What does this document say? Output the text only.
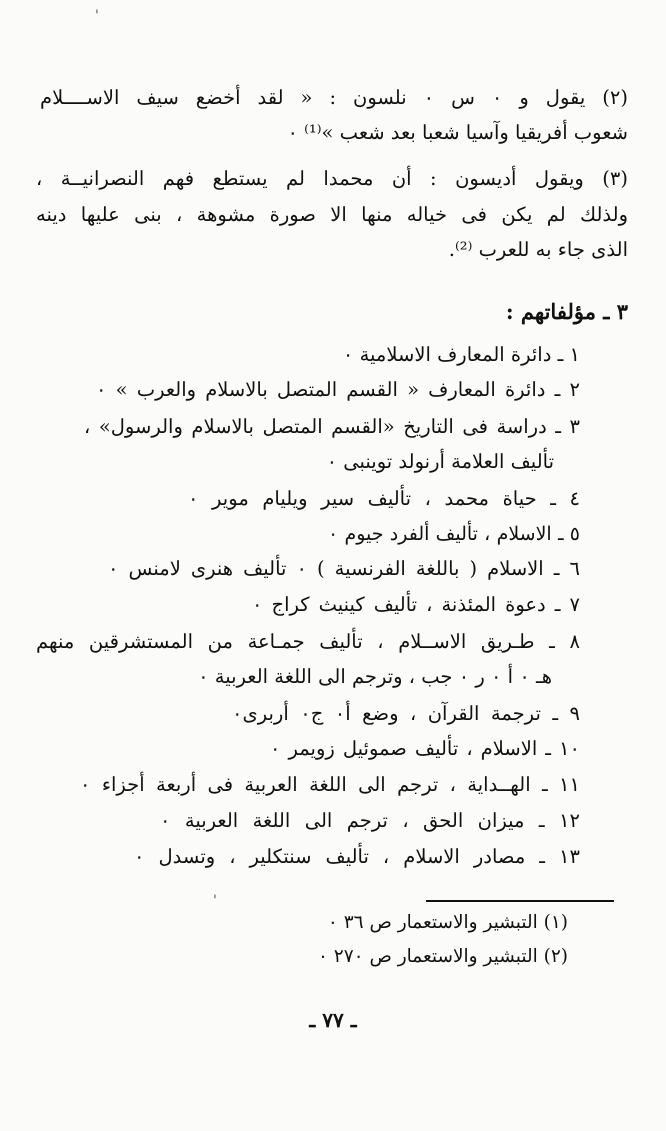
(٢) يقول و ٠ س ٠ نلسون : « لقد أخضع سيف الاســــلام
شعوب أفريقيا وآسيا شعبا بعد شعب »⁽¹⁾ ٠
(٣) ويقول أديسون : أن محمدا لم يستطع فهم النصرانيــة ،
ولذلك لم يكن فى خياله منها الا صورة مشوهة ، بنى عليها دينه
الذى جاء به للعرب ⁽²⁾.
٣ ـ مؤلفاتهم :
١ ـ دائرة المعارف الاسلامية ٠
٢ ـ دائرة المعارف « القسم المتصل بالاسلام والعرب » ٠
٣ ـ دراسة فى التاريخ «القسم المتصل بالاسلام والرسول» ،
تأليف العلامة أرنولد توينبى ٠
٤ ـ حياة محمد ، تأليف سير ويليام موير ٠
٥ ـ الاسلام ، تأليف ألفرد جيوم ٠
٦ ـ الاسلام ( باللغة الفرنسية ) ٠ تأليف هنرى لامنس ٠
٧ ـ دعوة المئذنة ، تأليف كينيث كراج ٠
٨ ـ طـريق الاســلام ، تأليف جمـاعة من المستشرقين منهم
هـ ٠ أ ٠ ر ٠ جب ، وترجم الى اللغة العربية ٠
٩ ـ ترجمة القرآن ، وضع أ٠ ج٠ أربرى٠
١٠ ـ الاسلام ، تأليف صموئيل زويمر ٠
١١ ـ الهــداية ، ترجم الى اللغة العربية فى أربعة أجزاء ٠
١٢ ـ ميزان الحق ، ترجم الى اللغة العربية ٠
١٣ ـ مصادر الاسلام ، تأليف سنتكلير ، وتسدل ٠
'
'
(١) التبشير والاستعمار ص ٣٦ ٠
(٢) التبشير والاستعمار ص ٢٧٠ ٠
ـ ٧٧ ـ
